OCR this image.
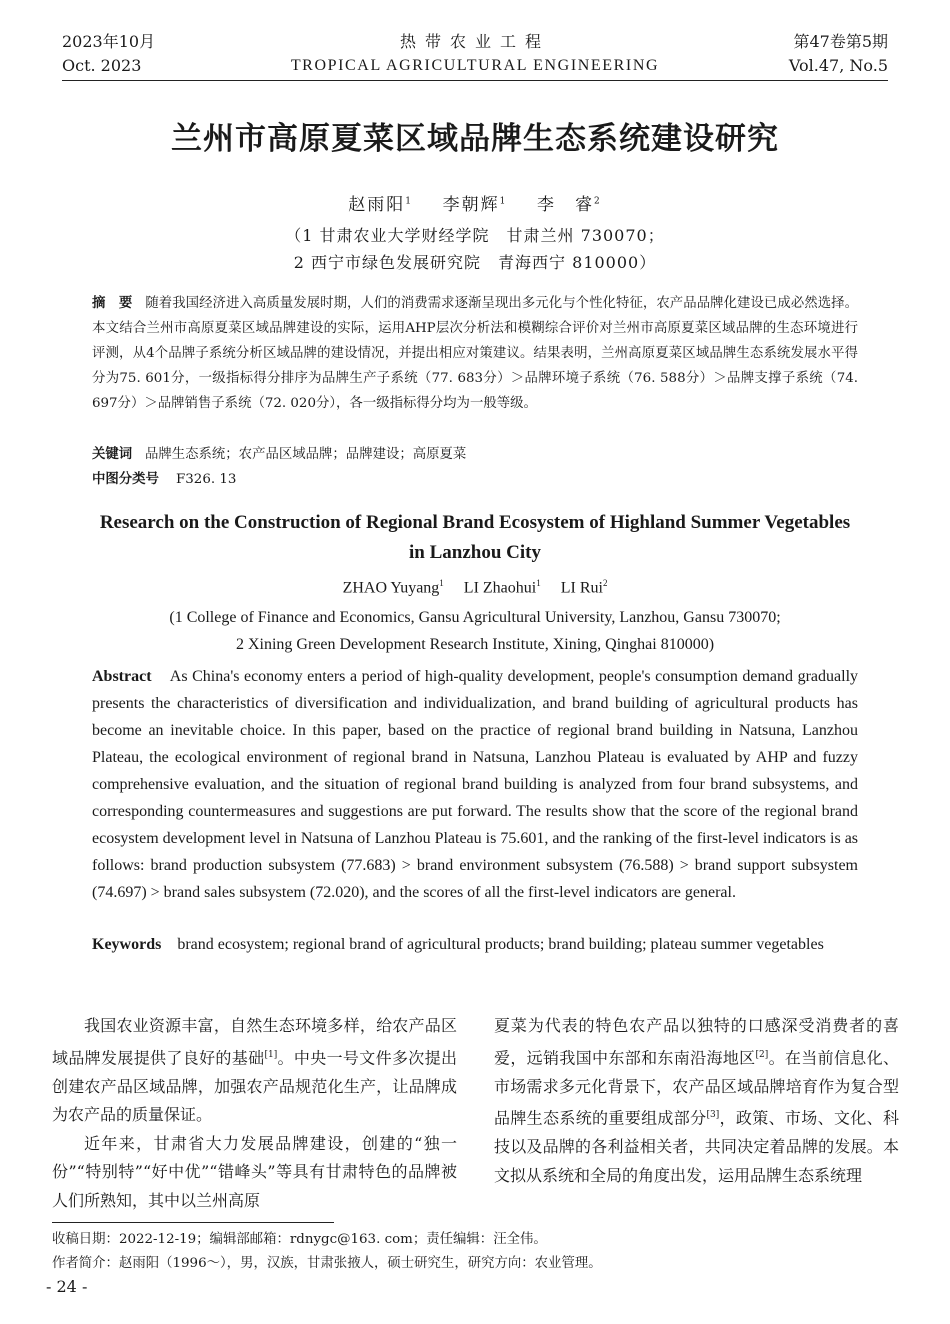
2023年10月
Oct. 2023
热带农业工程
TROPICAL AGRICULTURAL ENGINEERING
第47卷第5期
Vol.47, No.5
兰州市高原夏菜区域品牌生态系统建设研究
赵雨阳$^1$ 李朝辉$^1$ 李　睿$^2$
（1 甘肃农业大学财经学院　甘肃兰州 730070；
2 西宁市绿色发展研究院　青海西宁 810000）
摘　要 随着我国经济进入高质量发展时期，人们的消费需求逐渐呈现出多元化与个性化特征，农产品品牌化建设已成必然选择。本文结合兰州市高原夏菜区域品牌建设的实际，运用AHP层次分析法和模糊综合评价对兰州市高原夏菜区域品牌的生态环境进行评测，从4个品牌子系统分析区域品牌的建设情况，并提出相应对策建议。结果表明，兰州高原夏菜区域品牌生态系统发展水平得分为75. 601分，一级指标得分排序为品牌生产子系统（77. 683分）＞品牌环境子系统（76. 588分）＞品牌支撑子系统（74. 697分）＞品牌销售子系统（72. 020分），各一级指标得分均为一般等级。
关键词 品牌生态系统；农产品区域品牌；品牌建设；高原夏菜
中图分类号 F326. 13
Research on the Construction of Regional Brand Ecosystem of Highland Summer Vegetables in Lanzhou City
ZHAO Yuyang$^1$ LI Zhaohui$^1$ LI Rui$^2$
(1 College of Finance and Economics, Gansu Agricultural University, Lanzhou, Gansu 730070;
2 Xining Green Development Research Institute, Xining, Qinghai 810000)
Abstract As China's economy enters a period of high-quality development, people's consumption demand gradually presents the characteristics of diversification and individualization, and brand building of agricultural products has become an inevitable choice. In this paper, based on the practice of regional brand building in Natsuna, Lanzhou Plateau, the ecological environment of regional brand in Natsuna, Lanzhou Plateau is evaluated by AHP and fuzzy comprehensive evaluation, and the situation of regional brand building is analyzed from four brand subsystems, and corresponding countermeasures and suggestions are put forward. The results show that the score of the regional brand ecosystem development level in Natsuna of Lanzhou Plateau is 75.601, and the ranking of the first-level indicators is as follows: brand production subsystem (77.683) > brand environment subsystem (76.588) > brand support subsystem (74.697) > brand sales subsystem (72.020), and the scores of all the first-level indicators are general.
Keywords brand ecosystem; regional brand of agricultural products; brand building; plateau summer vegetables

我国农业资源丰富，自然生态环境多样，给农产品区域品牌发展提供了良好的基础[1]。中央一号文件多次提出创建农产品区域品牌，加强农产品规范化生产，让品牌成为农产品的质量保证。

近年来，甘肃省大力发展品牌建设，创建的“独一份”“特别特”“好中优”“错峰头”等具有甘肃特色的品牌被人们所熟知，其中以兰州高原

夏菜为代表的特色农产品以独特的口感深受消费者的喜爱，远销我国中东部和东南沿海地区[2]。在当前信息化、市场需求多元化背景下，农产品区域品牌培育作为复合型品牌生态系统的重要组成部分[3]，政策、市场、文化、科技以及品牌的各利益相关者，共同决定着品牌的发展。本文拟从系统和全局的角度出发，运用品牌生态系统理

收稿日期：2022-12-19；编辑部邮箱：rdnygc@163. com；责任编辑：汪全伟。
作者简介：赵雨阳（1996～），男，汉族，甘肃张掖人，硕士研究生，研究方向：农业管理。
- 24 -
